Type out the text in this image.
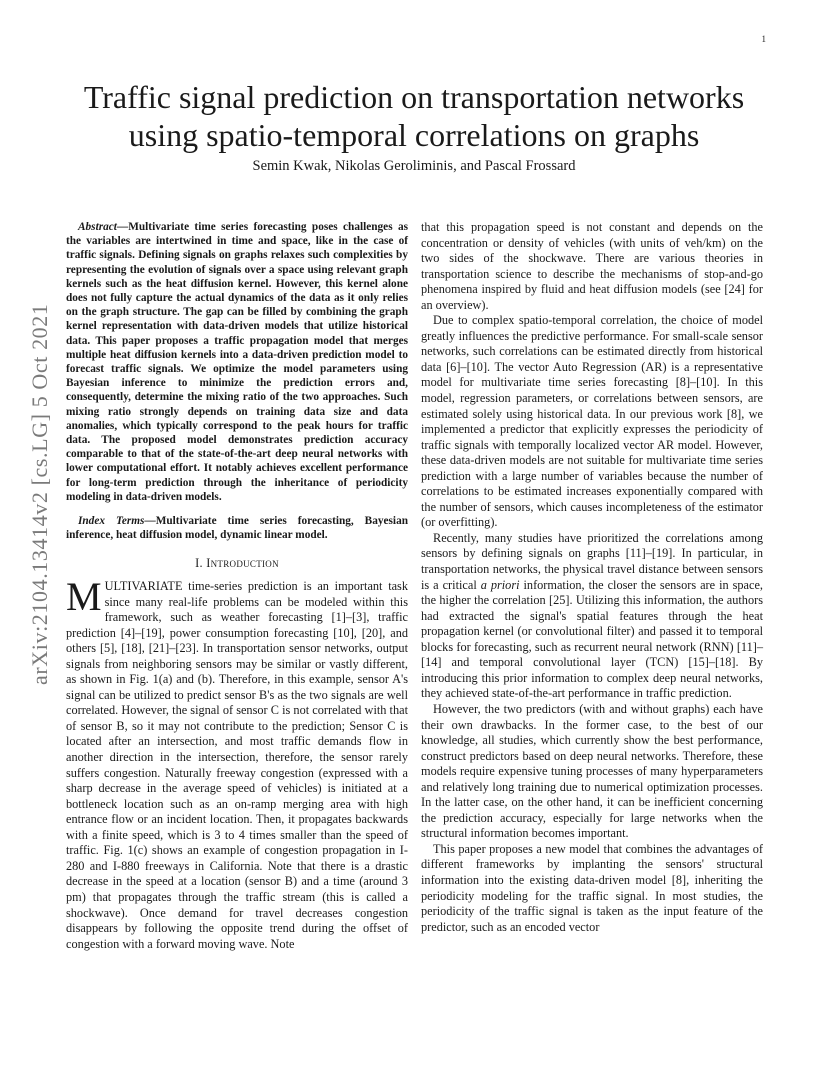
1
arXiv:2104.13414v2 [cs.LG] 5 Oct 2021
Traffic signal prediction on transportation networks
using spatio-temporal correlations on graphs
Semin Kwak, Nikolas Geroliminis, and Pascal Frossard

Abstract—Multivariate time series forecasting poses challenges as the variables are intertwined in time and space, like in the case of traffic signals. Defining signals on graphs relaxes such complexities by representing the evolution of signals over a space using relevant graph kernels such as the heat diffusion kernel. However, this kernel alone does not fully capture the actual dynamics of the data as it only relies on the graph structure. The gap can be filled by combining the graph kernel representation with data-driven models that utilize historical data. This paper proposes a traffic propagation model that merges multiple heat diffusion kernels into a data-driven prediction model to forecast traffic signals. We optimize the model parameters using Bayesian inference to minimize the prediction errors and, consequently, determine the mixing ratio of the two approaches. Such mixing ratio strongly depends on training data size and data anomalies, which typically correspond to the peak hours for traffic data. The proposed model demonstrates prediction accuracy comparable to that of the state-of-the-art deep neural networks with lower computational effort. It notably achieves excellent performance for long-term prediction through the inheritance of periodicity modeling in data-driven models.

Index Terms—Multivariate time series forecasting, Bayesian inference, heat diffusion model, dynamic linear model.

I. Introduction

MULTIVARIATE time-series prediction is an important task since many real-life problems can be modeled within this framework, such as weather forecasting [1]–[3], traffic prediction [4]–[19], power consumption forecasting [10], [20], and others [5], [18], [21]–[23]. In transportation sensor networks, output signals from neighboring sensors may be similar or vastly different, as shown in Fig. 1(a) and (b). Therefore, in this example, sensor A's signal can be utilized to predict sensor B's as the two signals are well correlated. However, the signal of sensor C is not correlated with that of sensor B, so it may not contribute to the prediction; Sensor C is located after an intersection, and most traffic demands flow in another direction in the intersection, therefore, the sensor rarely suffers congestion. Naturally freeway congestion (expressed with a sharp decrease in the average speed of vehicles) is initiated at a bottleneck location such as an on-ramp merging area with high entrance flow or an incident location. Then, it propagates backwards with a finite speed, which is 3 to 4 times smaller than the speed of traffic. Fig. 1(c) shows an example of congestion propagation in I-280 and I-880 freeways in California. Note that there is a drastic decrease in the speed at a location (sensor B) and a time (around 3 pm) that propagates through the traffic stream (this is called a shockwave). Once demand for travel decreases congestion disappears by following the opposite trend during the offset of congestion with a forward moving wave. Note

that this propagation speed is not constant and depends on the concentration or density of vehicles (with units of veh/km) on the two sides of the shockwave. There are various theories in transportation science to describe the mechanisms of stop-and-go phenomena inspired by fluid and heat diffusion models (see [24] for an overview).

Due to complex spatio-temporal correlation, the choice of model greatly influences the predictive performance. For small-scale sensor networks, such correlations can be estimated directly from historical data [6]–[10]. The vector Auto Regression (AR) is a representative model for multivariate time series forecasting [8]–[10]. In this model, regression parameters, or correlations between sensors, are estimated solely using historical data. In our previous work [8], we implemented a predictor that explicitly expresses the periodicity of traffic signals with temporally localized vector AR model. However, these data-driven models are not suitable for multivariate time series prediction with a large number of variables because the number of correlations to be estimated increases exponentially compared with the number of sensors, which causes incompleteness of the estimator (or overfitting).

Recently, many studies have prioritized the correlations among sensors by defining signals on graphs [11]–[19]. In particular, in transportation networks, the physical travel distance between sensors is a critical a priori information, the closer the sensors are in space, the higher the correlation [25]. Utilizing this information, the authors had extracted the signal's spatial features through the heat propagation kernel (or convolutional filter) and passed it to temporal blocks for forecasting, such as recurrent neural network (RNN) [11]–[14] and temporal convolutional layer (TCN) [15]–[18]. By introducing this prior information to complex deep neural networks, they achieved state-of-the-art performance in traffic prediction.

However, the two predictors (with and without graphs) each have their own drawbacks. In the former case, to the best of our knowledge, all studies, which currently show the best performance, construct predictors based on deep neural networks. Therefore, these models require expensive tuning processes of many hyperparameters and relatively long training due to numerical optimization processes. In the latter case, on the other hand, it can be inefficient concerning the prediction accuracy, especially for large networks when the structural information becomes important.

This paper proposes a new model that combines the advantages of different frameworks by implanting the sensors' structural information into the existing data-driven model [8], inheriting the periodicity modeling for the traffic signal. In most studies, the periodicity of the traffic signal is taken as the input feature of the predictor, such as an encoded vector
